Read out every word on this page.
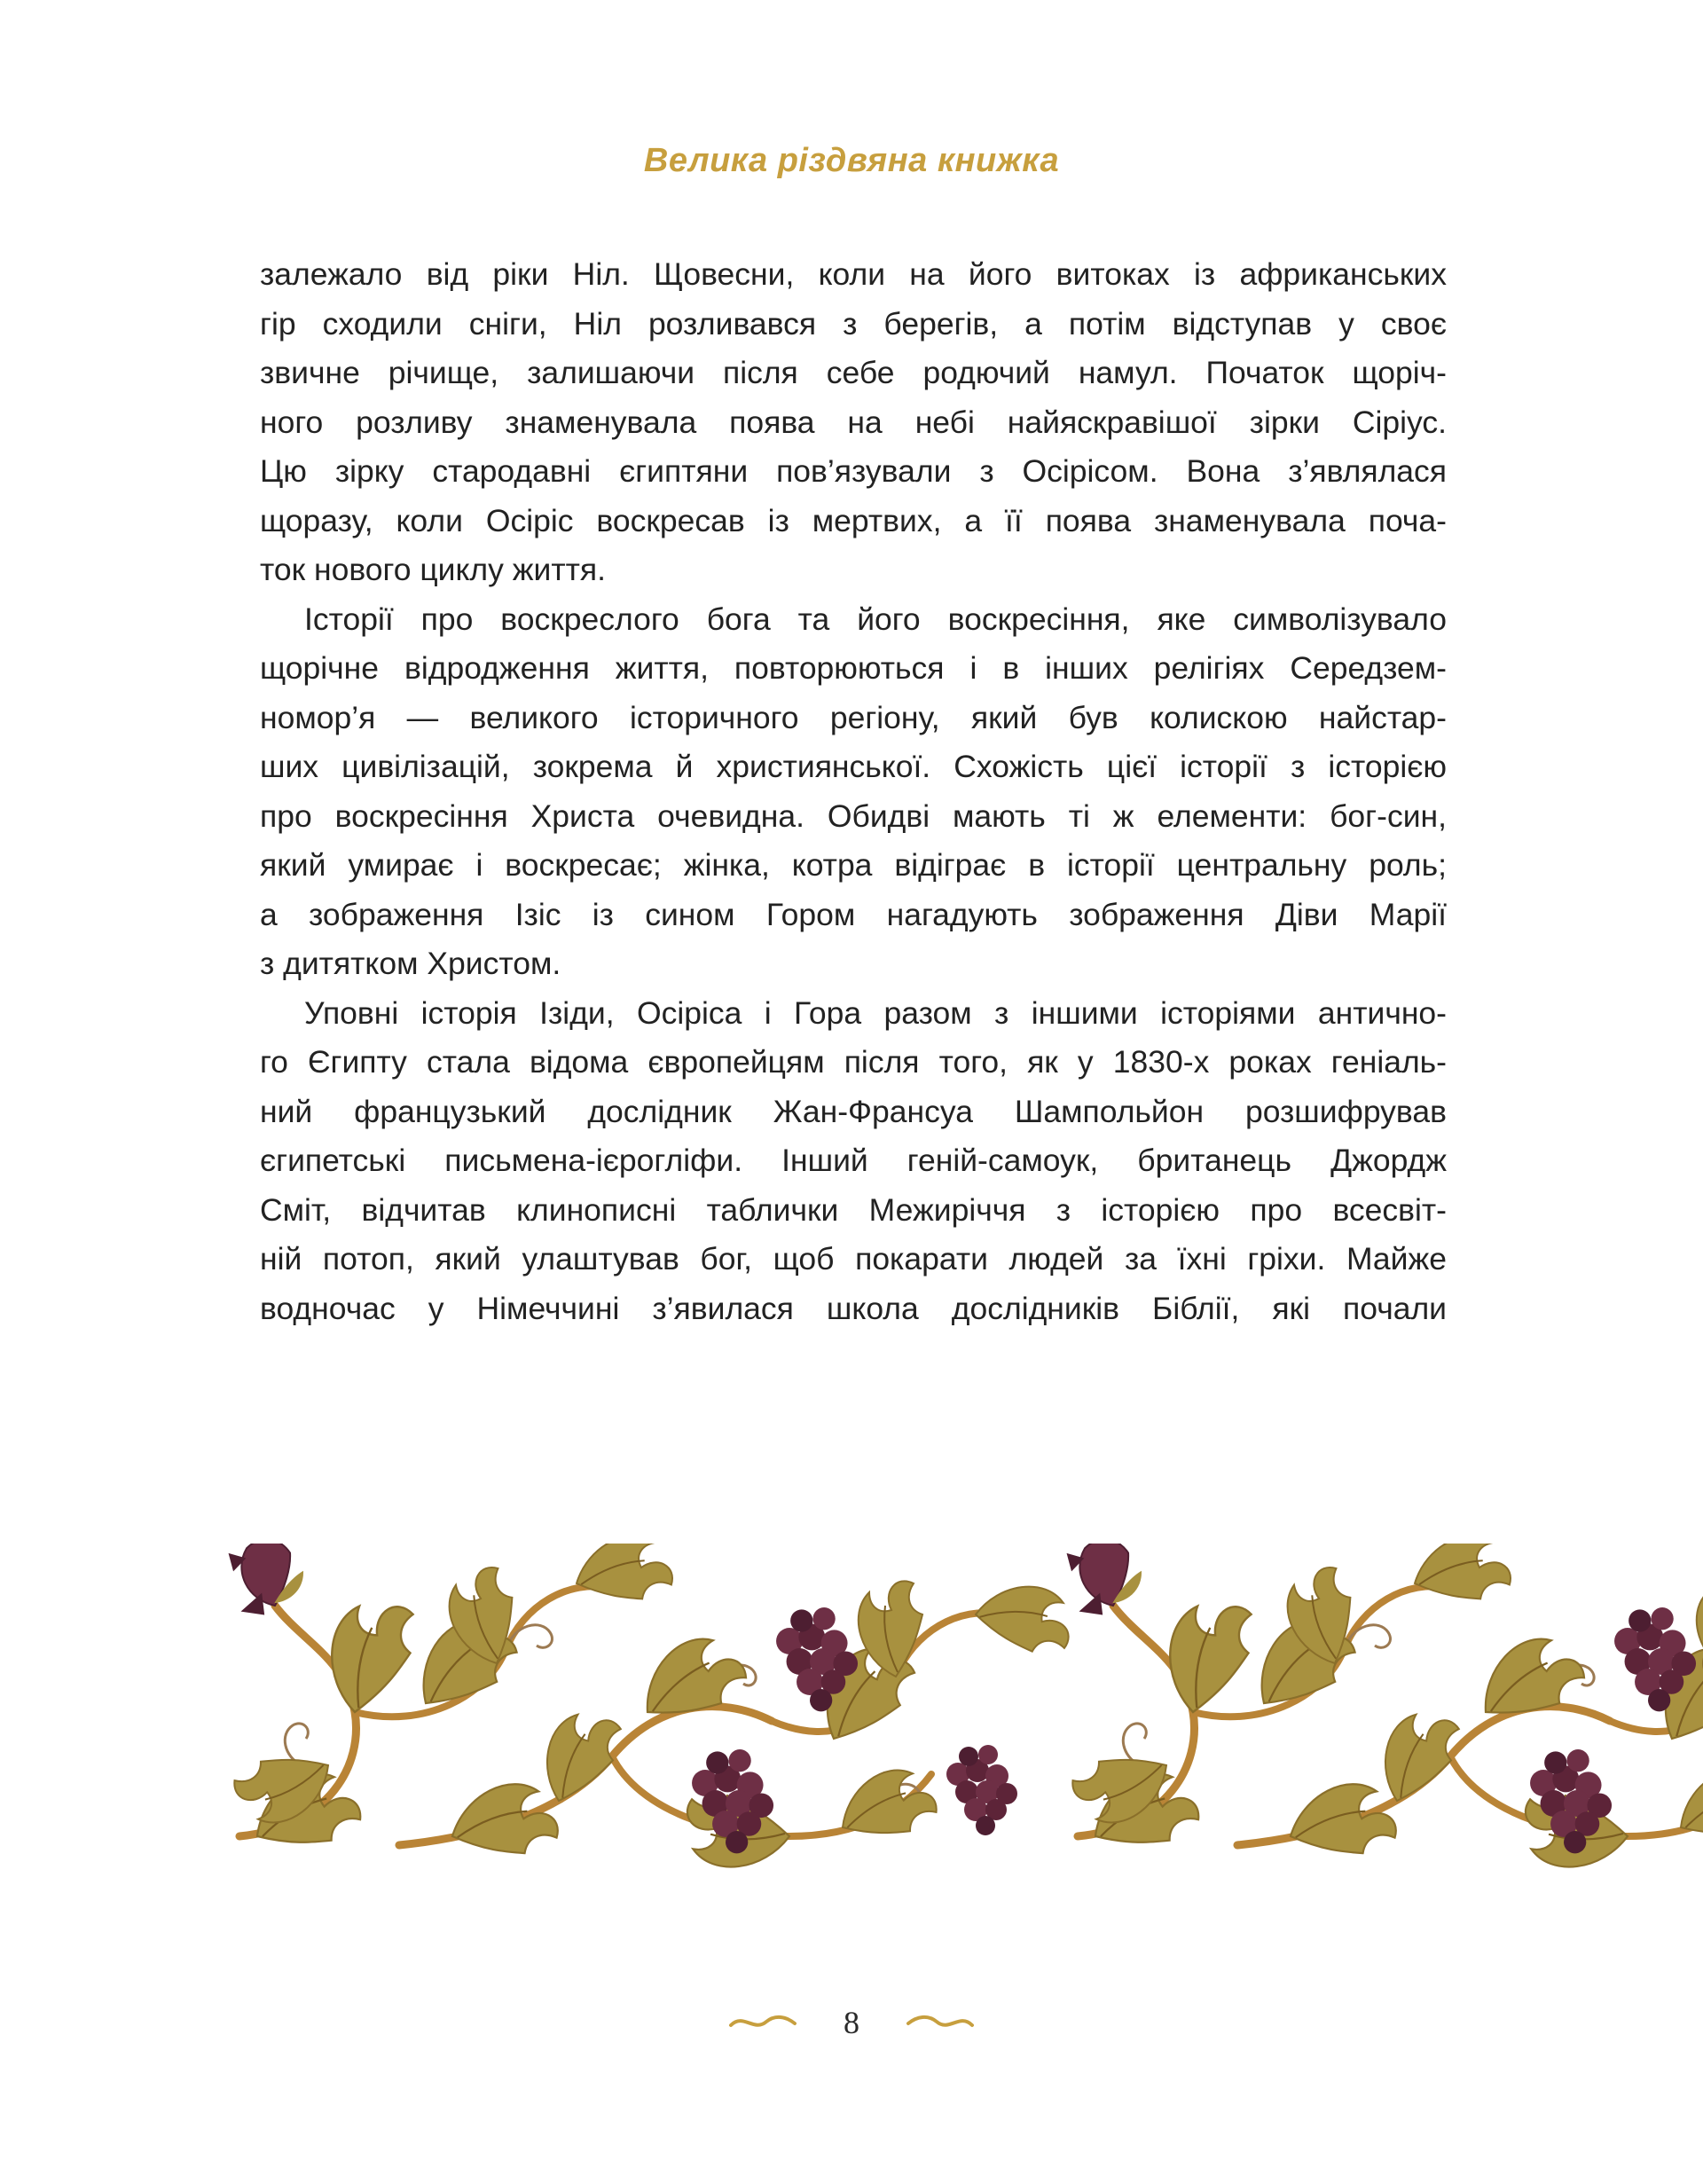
Велика різдвяна книжка
залежало від ріки Ніл. Щовесни, коли на його витоках із африканських
гір сходили сніги, Ніл розливався з берегів, а потім відступав у своє
звичне річище, залишаючи після себе родючий намул. Початок щоріч-
ного розливу знаменувала поява на небі найяскравішої зірки Сіріус.
Цю зірку стародавні єгиптяни пов’язували з Осірісом. Вона з’являлася
щоразу, коли Осіріс воскресав із мертвих, а її поява знаменувала поча-
ток нового циклу життя.
Історії про воскреслого бога та його воскресіння, яке символізувало
щорічне відродження життя, повторюються і в інших релігіях Середзем-
номор’я — великого історичного регіону, який був колискою найстар-
ших цивілізацій, зокрема й християнської. Схожість цієї історії з історією
про воскресіння Христа очевидна. Обидві мають ті ж елементи: бог-син,
який умирає і воскресає; жінка, котра відіграє в історії центральну роль;
а зображення Ізіс із сином Гором нагадують зображення Діви Марії
з дитятком Христом.
Уповні історія Ізіди, Осіріса і Гора разом з іншими історіями антично-
го Єгипту стала відома європейцям після того, як у 1830-х роках геніаль-
ний французький дослідник Жан-Франсуа Шампольйон розшифрував
єгипетські письмена-ієрогліфи. Інший геній-самоук, британець Джордж
Сміт, відчитав клинописні таблички Межиріччя з історією про всесвіт-
ній потоп, який улаштував бог, щоб покарати людей за їхні гріхи. Майже
водночас у Німеччині з’явилася школа дослідників Біблії, які почали
8
